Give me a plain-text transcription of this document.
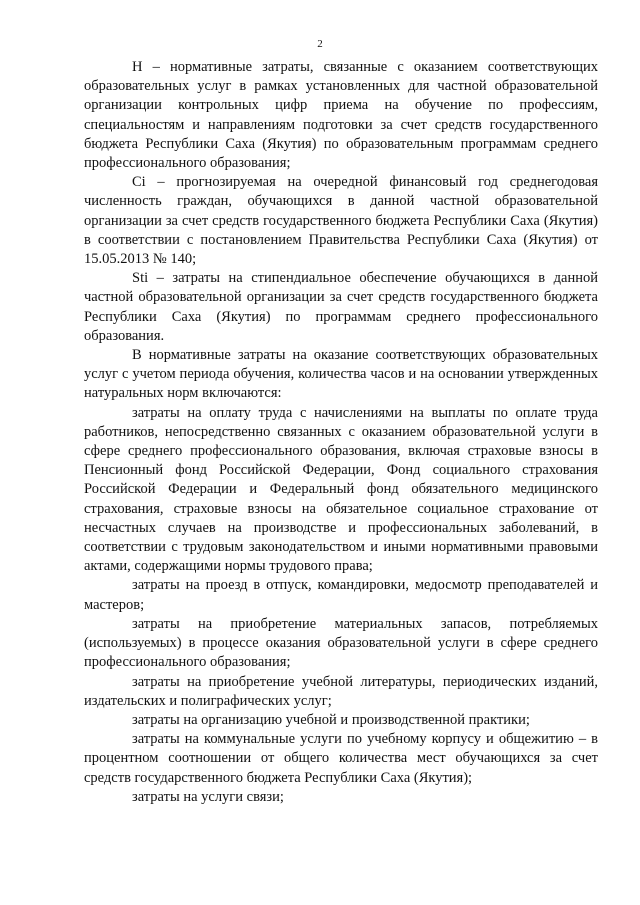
2

Н – нормативные затраты, связанные с оказанием соответствующих образовательных услуг в рамках установленных для частной образовательной организации контрольных цифр приема на обучение по профессиям, специальностям и направлениям подготовки за счет средств государственного бюджета Республики Саха (Якутия) по образовательным программам среднего профессионального образования;

Ci – прогнозируемая на очередной финансовый год среднегодовая численность граждан, обучающихся в данной частной образовательной организации за счет средств государственного бюджета Республики Саха (Якутия) в соответствии с постановлением Правительства Республики Саха (Якутия) от 15.05.2013 № 140;

Sti – затраты на стипендиальное обеспечение обучающихся в данной частной образовательной организации за счет средств государственного бюджета Республики Саха (Якутия) по программам среднего профессионального образования.

В нормативные затраты на оказание соответствующих образовательных услуг с учетом периода обучения, количества часов и на основании утвержденных натуральных норм включаются:

затраты на оплату труда с начислениями на выплаты по оплате труда работников, непосредственно связанных с оказанием образовательной услуги в сфере среднего профессионального образования, включая страховые взносы в Пенсионный фонд Российской Федерации, Фонд социального страхования Российской Федерации и Федеральный фонд обязательного медицинского страхования, страховые взносы на обязательное социальное страхование от несчастных случаев на производстве и профессиональных заболеваний, в соответствии с трудовым законодательством и иными нормативными правовыми актами, содержащими нормы трудового права;

затраты на проезд в отпуск, командировки, медосмотр преподавателей и мастеров;

затраты на приобретение материальных запасов, потребляемых (используемых) в процессе оказания образовательной услуги в сфере среднего профессионального образования;

затраты на приобретение учебной литературы, периодических изданий, издательских и полиграфических услуг;

затраты на организацию учебной и производственной практики;

затраты на коммунальные услуги по учебному корпусу и общежитию – в процентном соотношении от общего количества мест обучающихся за счет средств государственного бюджета Республики Саха (Якутия);

затраты на услуги связи;
